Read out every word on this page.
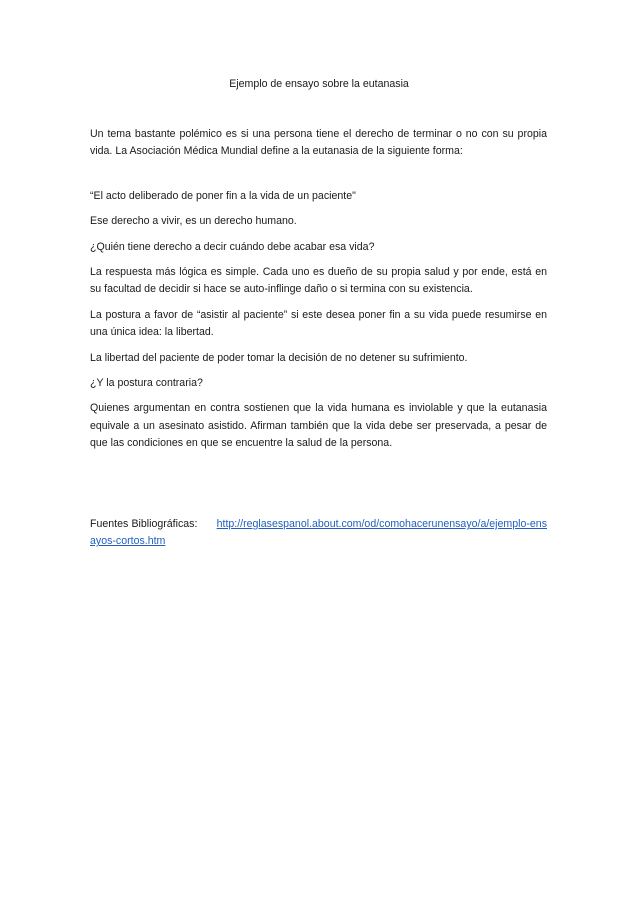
Ejemplo de ensayo sobre la eutanasia

Un tema bastante polémico es si una persona tiene el derecho de terminar o no con su propia vida. La Asociación Médica Mundial define a la eutanasia de la siguiente forma:

“El acto deliberado de poner fin a la vida de un paciente"

Ese derecho a vivir, es un derecho humano.

¿Quién tiene derecho a decir cuándo debe acabar esa vida?

La respuesta más lógica es simple. Cada uno es dueño de su propia salud y por ende, está en su facultad de decidir si hace se auto-inflinge daño o si termina con su existencia.

La postura a favor de “asistir al paciente” si este desea poner fin a su vida puede resumirse en una única idea: la libertad.

La libertad del paciente de poder tomar la decisión de no detener su sufrimiento.

¿Y la postura contraria?

Quienes argumentan en contra sostienen que la vida humana es inviolable y que la eutanasia equivale a un asesinato asistido. Afirman también que la vida debe ser preservada, a pesar de que las condiciones en que se encuentre la salud de la persona.

Fuentes Bibliográficas: http://reglasespanol.about.com/od/comohacerunensayo/a/ejemplo-ensayos-cortos.htm
